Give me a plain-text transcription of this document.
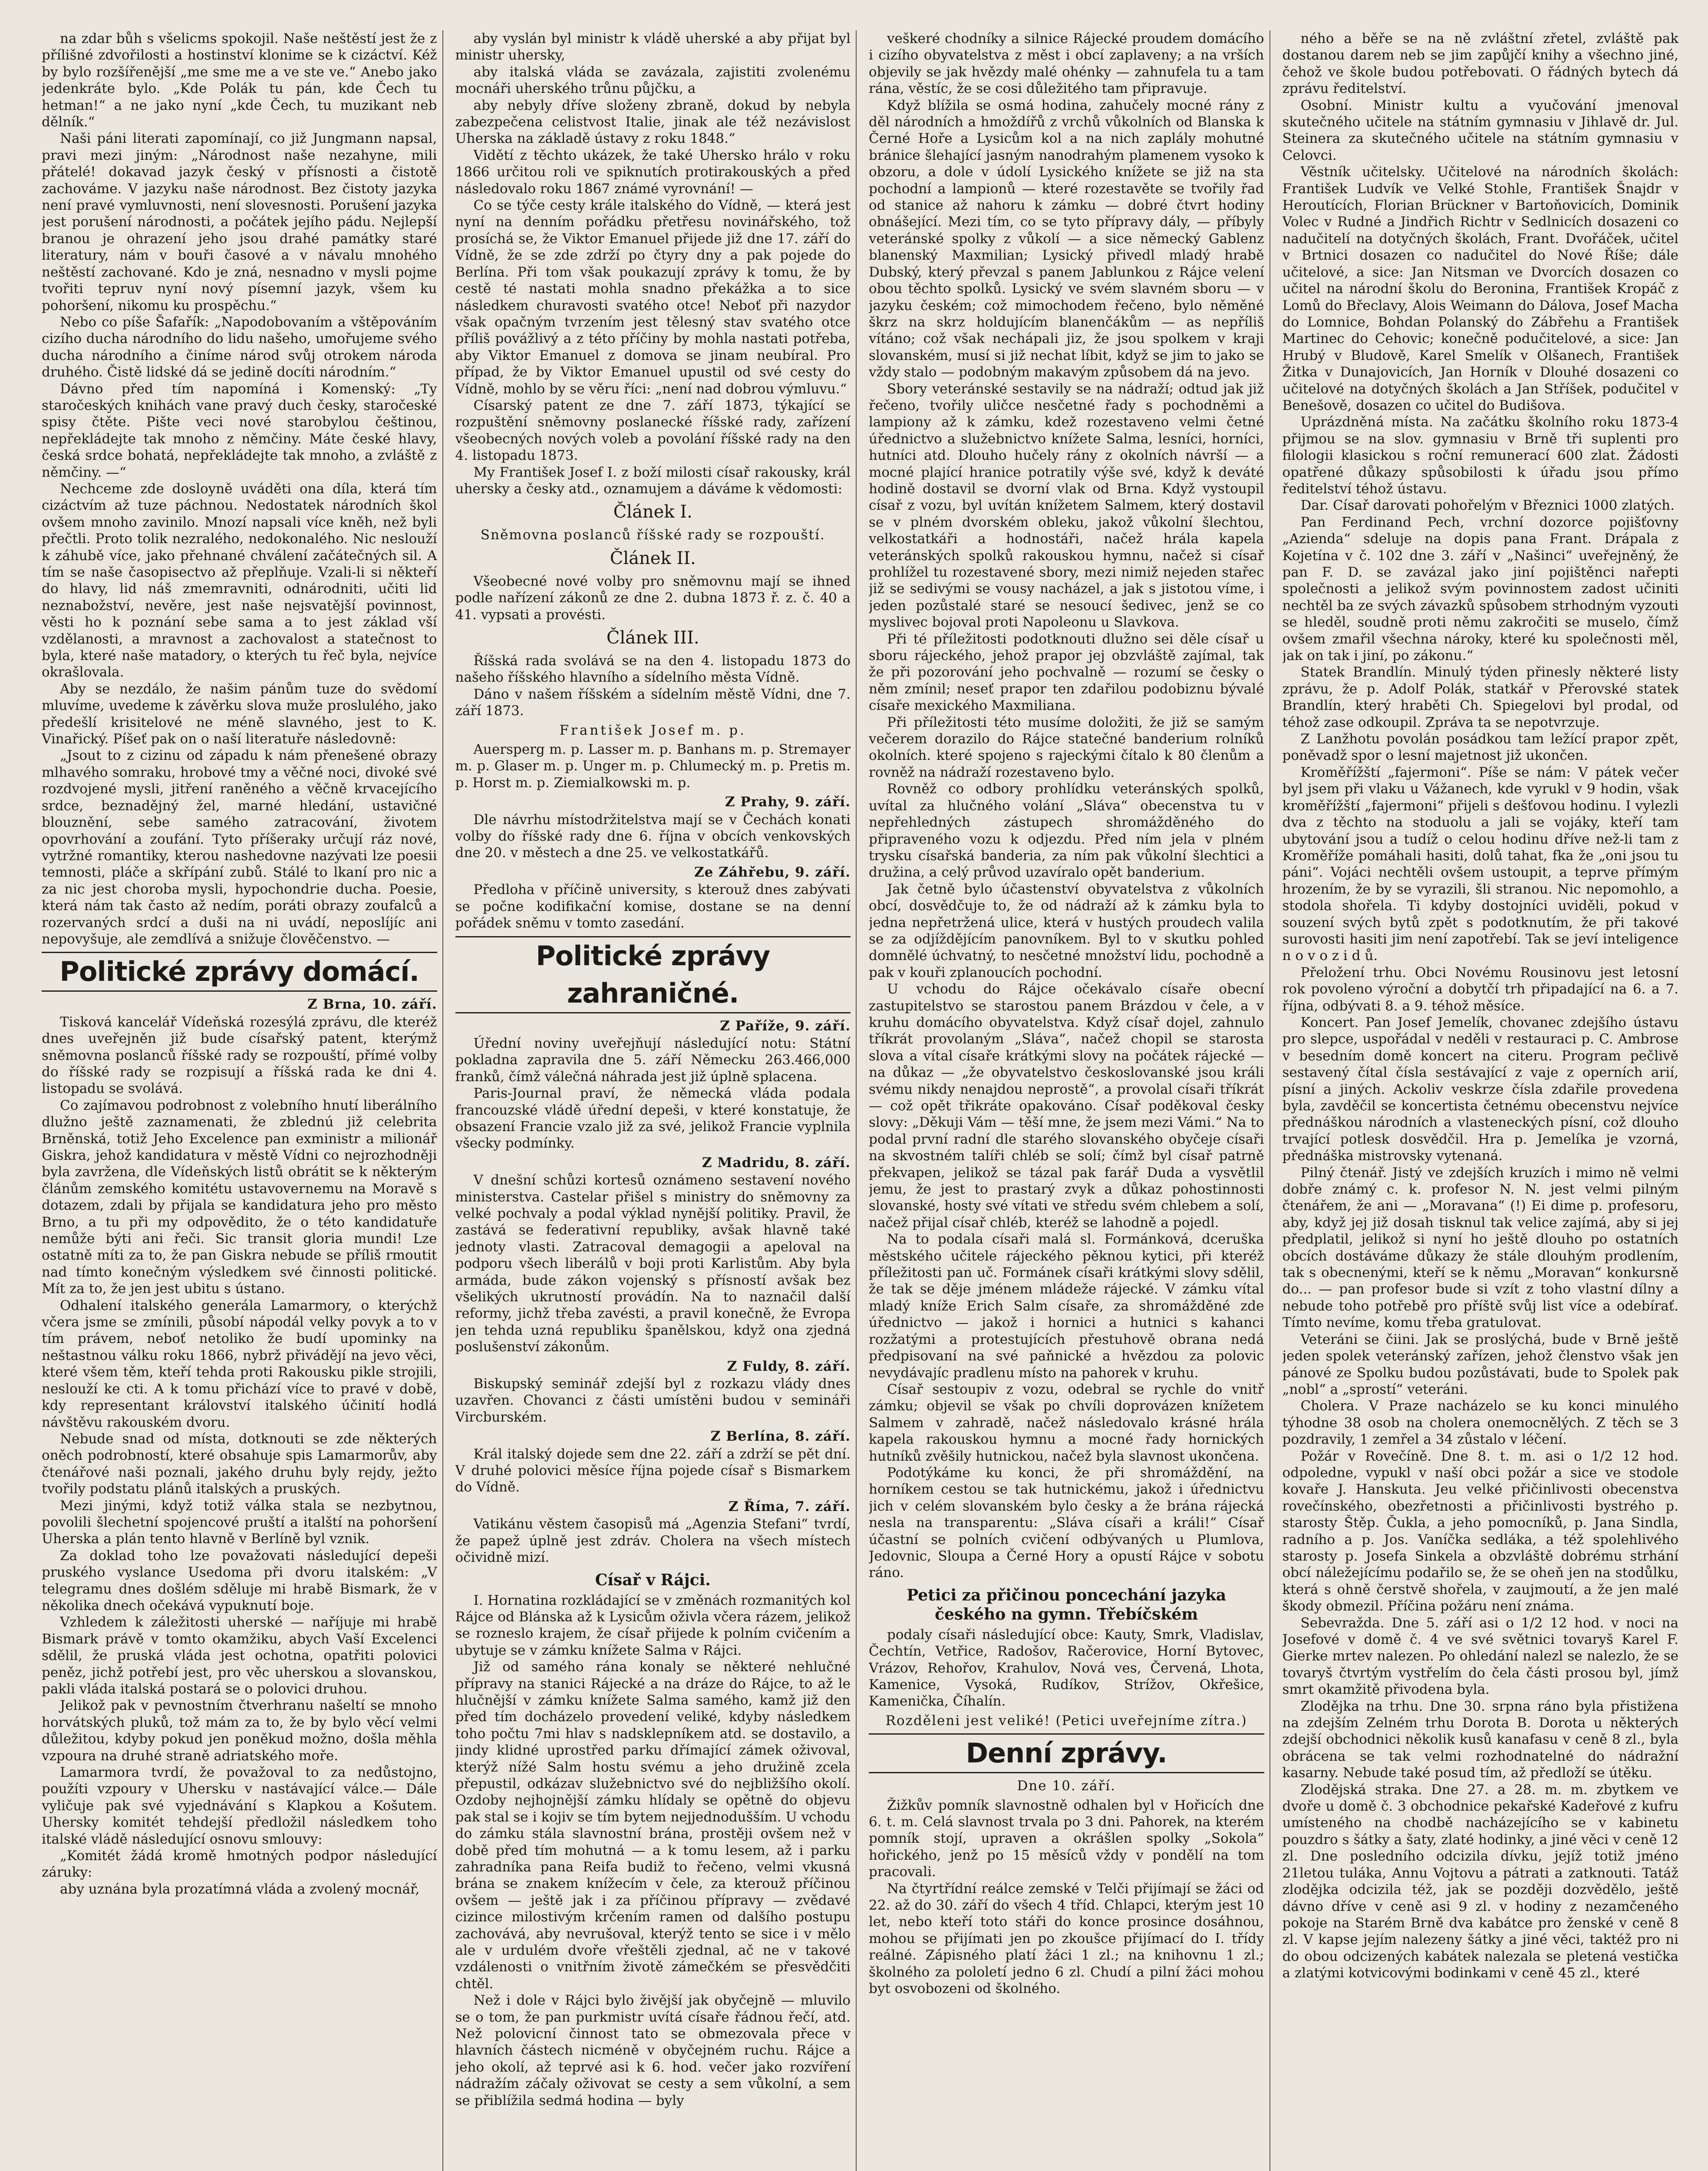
na zdar bůh s všelicms spokojil. Naše neštěstí jest že z přílišné zdvořilosti a hostinství klonime se k cizáctví. Kéž by bylo rozšířenější „me sme me a ve ste ve.“ Anebo jako jedenkráte bylo. „Kde Polák tu pán, kde Čech tu hetman!“ a ne jako nyní „kde Čech, tu muzikant neb dělník.“

Naši páni literati zapomínají, co již Jungmann napsal, pravi mezi jiným: „Národnost naše nezahyne, mili přátelé! dokavad jazyk český v přísnosti a čistotě zachováme. V jazyku naše národnost. Bez čistoty jazyka není pravé vymluvnosti, není slovesnosti. Porušení jazyka jest porušení národnosti, a počátek jejího pádu. Nejlepší branou je ohrazení jeho jsou drahé památky staré literatury, nám v bouři časové a v návalu mnohého neštěstí zachované. Kdo je zná, nesnadno v mysli pojme tvořiti tepruv nyní nový písemní jazyk, všem ku pohoršení, nikomu ku prospěchu.“

Nebo co píše Šafařík: „Napodobovaním a vštěpováním cizího ducha národního do lidu našeho, umořujeme svého ducha národního a činíme národ svůj otrokem národa druhého. Čistě lidské dá se jedině docíti národním.“

Dávno před tím napomíná i Komenský: „Ty staročeských knihách vane pravý duch česky, staročeské spisy čtěte. Pište veci nové starobylou češtinou, nepřekládejte tak mnoho z němčiny. Máte české hlavy, česká srdce bohatá, nepřekládejte tak mnoho, a zvláště z němčiny. —“

Nechceme zde dosloyně uváděti ona díla, která tím cizáctvím až tuze páchnou. Nedostatek národních škol ovšem mnoho zavinilo. Mnozí napsali více kněh, než byli přečtli. Proto tolik nezralého, nedokonalého. Nic neslouží k záhubě více, jako přehnané chválení začátečných sil. A tím se naše časopisectvo až přeplňuje. Vzali-li si někteří do hlavy, lid náš zmemravniti, odnárodniti, učiti lid neznabožství, nevěre, jest naše nejsvatější povinnost, věsti ho k poznání sebe sama a to jest základ vší vzdělanosti, a mravnost a zachovalost a statečnost to byla, které naše matadory, o kterých tu řeč byla, nejvíce okrašlovala.

Aby se nezdálo, že našim pánům tuze do svědomí mluvíme, uvedeme k závěrku slova muže proslulého, jako předešlí krisitelové ne méně slavného, jest to K. Vinařický. Píšeť pak on o naší literatuře následovně:

„Jsout to z cizinu od západu k nám přenešené obrazy mlhavého somraku, hrobové tmy a věčné noci, divoké své rozdvojené mysli, jitření raněného a věčně krvacejícího srdce, beznadějný žel, marné hledání, ustavičné blouznění, sebe samého zatracování, životem opovrhování a zoufání. Tyto příšeraky určují ráz nové, vytržné romantiky, kterou nashedovne nazývati lze poesii temnosti, pláče a skřípání zubů. Stálé to lkaní pro nic a za nic jest choroba mysli, hypochondrie ducha. Poesie, která nám tak často až nedím, poráti obrazy zoufalců a rozervaných srdcí a duši na ni uvádí, neposlíjíc ani nepovyšuje, ale zemdlívá a snižuje člověčenstvo. —

Politické zprávy domácí.
Z Brna, 10. září.

Tisková kancelář Vídeňská rozesýlá zprávu, dle kteréž dnes uveřejněn již bude císařský patent, kterýmž sněmovna poslanců říšské rady se rozpouští, přímé volby do říšské rady se rozpisují a říšská rada ke dni 4. listopadu se svolává.

Co zajímavou podrobnost z volebního hnutí liberálního dlužno ještě zaznamenati, že zblednú již celebrita Brněnská, totiž Jeho Excelence pan exministr a milionář Giskra, jehož kandidatura v městě Vídni co nejrozhodněji byla zavržena, dle Vídeňských listů obrátit se k některým článům zemského komitétu ustavovernemu na Moravě s dotazem, zdali by přijala se kandidatura jeho pro město Brno, a tu při my odpovědito, že o této kandidatuře nemůže býti ani řeči. Sic transit gloria mundi! Lze ostatně míti za to, že pan Giskra nebude se příliš rmoutit nad tímto konečným výsledkem své činnosti politické. Mít za to, že jen jest ubitu s ústano.

Odhalení italského generála Lamarmory, o kterýchž včera jsme se zmínili, působí nápodál velky povyk a to v tím právem, neboť netoliko že budí upominky na neštastnou válku roku 1866, nybrž přivádějí na jevo věci, které všem těm, kteří tehda proti Rakousku pikle strojili, neslouží ke cti. A k tomu přichází více to pravé v době, kdy representant království italského účinití hodlá návštěvu rakouském dvoru.

Nebude snad od místa, dotknouti se zde některých oněch podrobností, které obsahuje spis Lamarmorův, aby čtenářové naši poznali, jakého druhu byly rejdy, ježto tvořily podstatu plánů italských a pruských.

Mezi jinými, když totiž válka stala se nezbytnou, povolili šlechetní spojencové pruští a italští na pohoršení Uherska a plán tento hlavně v Berlíně byl vznik.

Za doklad toho lze považovati následující depeši pruského vyslance Usedoma při dvoru italském: „V telegramu dnes došlém sděluje mi hrabě Bismark, že v několika dnech očekává vypuknutí boje.

Vzhledem k záležitosti uherské — naříjuje mi hrabě Bismark právě v tomto okamžiku, abych Vaší Excelenci sdělil, že pruská vláda jest ochotna, opatřiti polovici peněz, jichž potřebí jest, pro věc uherskou a slovanskou, pakli vláda italská postará se o polovici druhou.

Jelikož pak v pevnostním čtverhranu našeltí se mnoho horvátských pluků, tož mám za to, že by bylo věcí velmi důležitou, kdyby pokud jen poněkud možno, došla měhla vzpoura na druhé straně adriatského moře.

Lamarmora tvrdí, že považoval to za nedůstojno, použíti vzpoury v Uhersku v nastávající válce.— Dále vyličuje pak své vyjednávání s Klapkou a Košutem. Uhersky komitét tehdejší předložil následkem toho italské vládě následující osnovu smlouvy:

„Komitét žádá kromě hmotných podpor následující záruky:

aby uznána byla prozatímná vláda a zvolený mocnář,

aby vyslán byl ministr k vládě uherské a aby přijat byl ministr uhersky,

aby italská vláda se zavázala, zajistiti zvolenému mocnáři uherského trůnu půjčku, a

aby nebyly dříve složeny zbraně, dokud by nebyla zabezpečena celistvost Italie, jinak ale též nezávislost Uherska na základě ústavy z roku 1848.“

Vidětí z těchto ukázek, že také Uhersko hrálo v roku 1866 určitou roli ve spiknutích protirakouských a před následovalo roku 1867 známé vyrovnání! —

Co se týče cesty krále italského do Vídně, — která jest nyní na denním pořádku přetřesu novinářského, tož prosíchá se, že Viktor Emanuel přijede již dne 17. září do Vídně, že se zde zdrží po čtyry dny a pak pojede do Berlína. Při tom však poukazují zprávy k tomu, že by cestě té nastati mohla snadno překážka a to sice následkem churavosti svatého otce! Neboť při nazydor však opačným tvrzením jest tělesný stav svatého otce příliš povážlivý a z této příčiny by mohla nastati potřeba, aby Viktor Emanuel z domova se jinam neubíral. Pro případ, že by Viktor Emanuel upustil od své cesty do Vídně, mohlo by se věru říci: „není nad dobrou výmluvu.“

Císarský patent ze dne 7. září 1873, týkající se rozpuštění sněmovny poslanecké říšské rady, zařízení všeobecných nových voleb a povolání říšské rady na den 4. listopadu 1873.

My František Josef I. z boží milosti císař rakousky, král uhersky a česky atd., oznamujem a dáváme k vědomosti:

Článek I.
Sněmovna poslanců říšské rady se rozpouští.
Článek II.

Všeobecné nové volby pro sněmovnu mají se ihned podle nařízení zákonů ze dne 2. dubna 1873 ř. z. č. 40 a 41. vypsati a provésti.

Článek III.

Říšská rada svolává se na den 4. listopadu 1873 do našeho říšského hlavního a sídelního města Vídně.

Dáno v našem říšském a sídelním městě Vídni, dne 7. září 1873.

František Josef m. p.

Auersperg m. p. Lasser m. p. Banhans m. p. Stremayer m. p. Glaser m. p. Unger m. p. Chlumecký m. p. Pretis m. p. Horst m. p. Ziemialkowski m. p.

Z Prahy, 9. září.

Dle návrhu místodržitelstva mají se v Čechách konati volby do říšské rady dne 6. října v obcích venkovských dne 20. v městech a dne 25. ve velkostatkářů.

Ze Záhřebu, 9. září.

Předloha v příčině university, s kterouž dnes zabývati se počne kodifikační komise, dostane se na denní pořádek sněmu v tomto zasedání.

Politické zprávy zahraničné.
Z Paříže, 9. září.

Úřední noviny uveřejňují následující notu: Státní pokladna zapravila dne 5. září Německu 263.466,000 franků, čímž válečná náhrada jest již úplně splacena.

Paris-Journal praví, že německá vláda podala francouzské vládě úřední depeši, v které konstatuje, že obsazení Francie vzalo již za své, jelikož Francie vyplnila všecky podmínky.

Z Madridu, 8. září.

V dnešní schůzi kortesů oznámeno sestavení nového ministerstva. Castelar přišel s ministry do sněmovny za velké pochvaly a podal výklad nynější politiky. Pravil, že zastává se federativní republiky, avšak hlavně také jednoty vlasti. Zatracoval demagogii a apeloval na podporu všech liberálů v boji proti Karlistům. Aby byla armáda, bude zákon vojenský s přísností avšak bez všelikých ukrutností provádín. Na to naznačil další reformy, jichž třeba zavésti, a pravil konečně, že Evropa jen tehda uzná republiku španělskou, když ona zjedná poslušenství zákonům.

Z Fuldy, 8. září.

Biskupský seminář zdejší byl z rozkazu vlády dnes uzavřen. Chovanci z části umístěni budou v semináři Vircburském.

Z Berlína, 8. září.

Král italský dojede sem dne 22. září a zdrží se pět dní. V druhé polovici měsíce října pojede císař s Bismarkem do Vídně.

Z Říma, 7. září.

Vatikánu věstem časopisů má „Agenzia Stefani“ tvrdí, že papež úplně jest zdráv. Cholera na všech místech očividně mizí.

Císař v Rájci.

I. Hornatina rozkládající se v změnách rozmanitých kol Rájce od Blánska až k Lysicům oživla včera rázem, jelikož se rozneslo krajem, že císař přijede k polním cvičením a ubytuje se v zámku knížete Salma v Rájci.

Již od samého rána konaly se některé nehlučné přípravy na stanici Rájecké a na dráze do Rájce, to až le hlučnější v zámku knížete Salma samého, kamž již den před tím docházelo provedení veliké, kdyby následkem toho počtu 7mi hlav s nadsklepníkem atd. se dostavilo, a jindy klidné uprostřed parku dřímající zámek oživoval, kterýž nížé Salm hostu svému a jeho družině zcela přepustil, odkázav služebnictvo své do nejbližšího okolí. Ozdoby nejhojnější zámku hlídaly se opětně do objevu pak stal se i kojiv se tím bytem nejjednodušším. U vchodu do zámku stála slavnostní brána, prostěji ovšem než v době před tím mohutná — a k tomu lesem, až i parku zahradníka pana Reifa budiž to řečeno, velmi vkusná brána se znakem knížecím v čele, za kterouž příčinou ovšem — ještě jak i za příčinou přípravy — zvědavé cizince milostivým krčením ramen od dalšího postupu zachovává, aby nevrušoval, kterýž tento se sice i v mělo ale v urdulém dvoře vřeštěli zjednal, ač ne v takové vzdálenosti o vnitřním životě zámečkém se přesvědčiti chtěl.

Než i dole v Rájci bylo živější jak obyčejně — mluvilo se o tom, že pan purkmistr uvítá císaře řádnou řečí, atd. Než polovicní činnost tato se obmezovala přece v hlavních částech nicméně v obyčejném ruchu. Rájce a jeho okolí, až teprvé asi k 6. hod. večer jako rozvíření nádražím záčaly oživovat se cesty a sem vůkolní, a sem se přiblížila sedmá hodina — byly

veškeré chodníky a silnice Rájecké proudem domácího i cizího obyvatelstva z měst i obcí zaplaveny; a na vrších objevily se jak hvězdy malé ohénky — zahnufela tu a tam rána, věstíc, že se cosi důležitého tam připravuje.

Když blížila se osmá hodina, zahučely mocné rány z děl národních a hmoždířů z vrchů vůkolních od Blanska k Černé Hoře a Lysicům kol a na nich zaplály mohutné bránice šlehající jasným nanodrahým plamenem vysoko k obzoru, a dole v údolí Lysického knížete se již na sta pochodní a lampionů — které rozestavěte se tvořily řad od stanice až nahoru k zámku — dobré čtvrt hodiny obnášející. Mezi tím, co se tyto přípravy dály, — příbyly veteránské spolky z vůkolí — a sice německý Gablenz blanenský Maxmilian; Lysický přivedl mladý hrabě Dubský, který převzal s panem Jablunkou z Rájce velení obou těchto spolků. Lysický ve svém slavném sboru — v jazyku českém; což mimochodem řečeno, bylo něměné škrz na skrz holdujícím blanenčákům — as nepříliš vítáno; což však nechápali jiz, že jsou spolkem v kraji slovanském, musí si již nechat líbit, když se jim to jako se vždy stalo — podobným makavým způsobem dá na jevo.

Sbory veteránské sestavily se na nádraží; odtud jak již řečeno, tvořily uličce nesčetné řady s pochodněmi a lampiony až k zámku, kdež rozestaveno velmi četné úřednictvo a služebnictvo knížete Salma, lesníci, horníci, hutníci atd. Dlouho hučely rány z okolních návrší — a mocné plající hranice potratily výše své, když k deváté hodině dostavil se dvorní vlak od Brna. Když vystoupil císař z vozu, byl uvítán knížetem Salmem, který dostavil se v plném dvorském obleku, jakož vůkolní šlechtou, velkostatkáři a hodnostáři, načež hrála kapela veteránských spolků rakouskou hymnu, načež si císař prohlížel tu rozestavené sbory, mezi nimiž nejeden stařec již se sedivými se vousy nacházel, a jak s jistotou víme, i jeden pozůstalé staré se nesoucí šedivec, jenž se co myslivec bojoval proti Napoleonu u Slavkova.

Při té příležitosti podotknouti dlužno sei děle císař u sboru rájeckého, jehož prapor jej obzvláště zajímal, tak že při pozorování jeho pochvalně — rozumí se česky o něm zmínil; neseť prapor ten zdařilou podobiznu bývalé císaře mexického Maxmiliana.

Při příležitosti této musíme doložiti, že již se samým večerem dorazilo do Rájce statečné banderium rolníků okolních. které spojeno s rajeckými čítalo k 80 členům a rovněž na nádraží rozestaveno bylo.

Rovněž co odbory prohlídku veteránských spolků, uvítal za hlučného volání „Sláva“ obecenstva tu v nepřehledných zástupech shromážděného do připraveného vozu k odjezdu. Před ním jela v plném trysku císařská banderia, za ním pak vůkolní šlechtici a družina, a celý průvod uzavíralo opět banderium.

Jak četně bylo účastenství obyvatelstva z vůkolních obcí, dosvědčuje to, že od nádraží až k zámku byla to jedna nepřetržená ulice, která v hustých proudech valila se za odjíždějícím panovníkem. Byl to v skutku pohled domnělé úchvatný, to nesčetné množství lidu, pochodně a pak v kouři zplanoucích pochodní.

U vchodu do Rájce očekávalo císaře obecní zastupitelstvo se starostou panem Brázdou v čele, a v kruhu domácího obyvatelstva. Když císař dojel, zahnulo tříkrát provolaným „Sláva“, načež chopil se starosta slova a vítal císaře krátkými slovy na počátek rájecké — na důkaz — „že obyvatelstvo českoslovanské jsou králi svému nikdy nenajdou neprostě“, a provolal císaři tříkrát — což opět třikráte opakováno. Císař poděkoval česky slovy: „Děkuji Vám — těší mne, že jsem mezi Vámi.“ Na to podal první radní dle starého slovanského obyčeje císaři na skvostném talíři chléb se solí; čímž byl císař patrně překvapen, jelikož se tázal pak farář Duda a vysvětlil jemu, že jest to prastarý zvyk a důkaz pohostinnosti slovanské, hosty své vítati ve středu svém chlebem a solí, načež přijal císař chléb, kteréž se lahodně a pojedl.

Na to podala císaři malá sl. Formánková, dceruška městského učitele rájeckého pěknou kytici, při kteréž příležitosti pan uč. Formánek císaři krátkými slovy sdělil, že tak se děje jménem mládeže rájecké. V zámku vítal mladý kníže Erich Salm císaře, za shromážděné zde úřednictvo — jakož i hornici a hutnici s kahanci rozžatými a protestujících přestuhově obrana nedá předpisovaní na své paňnické a hvězdou za polovic nevydávajíc pradlenu místo na pahorek v kruhu.

Císař sestoupiv z vozu, odebral se rychle do vnitř zámku; objevil se však po chvíli doprovázen knížetem Salmem v zahradě, načež následovalo krásné hrála kapela rakouskou hymnu a mocné řady hornických hutníků zvěšily hutnickou, načež byla slavnost ukončena.

Podotýkáme ku konci, že při shromáždění, na horníkem cestou se tak hutnickému, jakož i úřednictvu jich v celém slovanském bylo česky a že brána rájecká nesla na transparentu: „Sláva císaři a králi!“ Císař účastní se polních cvičení odbývaných u Plumlova, Jedovnic, Sloupa a Černé Hory a opustí Rájce v sobotu ráno.

Petici za přičinou poncechání jazyka českého na gymn. Třebíčském

podaly císaři následující obce: Kauty, Smrk, Vladislav, Čechtín, Vetřice, Radošov, Račerovice, Horní Bytovec, Vrázov, Rehořov, Krahulov, Nová ves, Červená, Lhota, Kamenice, Vysoká, Rudíkov, Strížov, Okřešice, Kamenička, Číhalín.

Rozděleni jest veliké! (Petici uveřejníme zítra.)
Denní zprávy.
Dne 10. září.

Žižkův pomník slavnostně odhalen byl v Hořicích dne 6. t. m. Celá slavnost trvala po 3 dni. Pahorek, na kterém pomník stojí, upraven a okrášlen spolky „Sokola“ hořického, jenž po 15 měsíců vždy v pondělí na tom pracovali.

Na čtyrtřídní reálce zemské v Telči přijímají se žáci od 22. až do 30. září do všech 4 tříd. Chlapci, kterým jest 10 let, nebo kteří toto stáři do konce prosince dosáhnou, mohou se přijímati jen po zkoušce přijímací do I. třídy reálné. Zápisného platí žáci 1 zl.; na knihovnu 1 zl.; školného za pololetí jedno 6 zl. Chudí a pilní žáci mohou byt osvobozeni od školného.

ného a běře se na ně zvláštní zřetel, zvláště pak dostanou darem neb se jim zapůjčí knihy a všechno jiné, čehož ve škole budou potřebovati. O řádných bytech dá zprávu ředitelství.

Osobní. Ministr kultu a vyučování jmenoval skutečného učitele na státním gymnasiu v Jihlavě dr. Jul. Steinera za skutečného učitele na státním gymnasiu v Celovci.

Věstník učitelsky. Učitelové na národních školách: František Ludvík ve Velké Stohle, František Šnajdr v Heroutících, Florian Brückner v Bartoňovicích, Dominik Volec v Rudné a Jindřich Richtr v Sedlnicích dosazeni co nadučitelí na dotyčných školách, Frant. Dvořáček, učitel v Brtnici dosazen co nadučitel do Nové Říše; dále učitelové, a sice: Jan Nitsman ve Dvorcích dosazen co učitel na národní školu do Beronina, František Kropáč z Lomů do Břeclavy, Alois Weimann do Dálova, Josef Macha do Lomnice, Bohdan Polanský do Zábřehu a František Martinec do Cehovic; konečně podučitelové, a sice: Jan Hrubý v Bludově, Karel Smelík v Olšanech, František Žitka v Dunajovicích, Jan Horník v Dlouhé dosazeni co učitelové na dotyčných školách a Jan Stříšek, podučitel v Benešově, dosazen co učitel do Budišova.

Uprázdněná místa. Na začátku školního roku 1873-4 přijmou se na slov. gymnasiu v Brně tři suplenti pro filologii klasickou s roční remunerací 600 zlat. Žádosti opatřené důkazy spůsobilosti k úřadu jsou přímo ředitelství téhož ústavu.

Dar. Císař darovati pohořelým v Březnici 1000 zlatých.

Pan Ferdinand Pech, vrchní dozorce pojišťovny „Azienda“ sdeluje na dopis pana Frant. Drápala z Kojetína v č. 102 dne 3. září v „Našinci“ uveřejněný, že pan F. D. se zavázal jako jiní pojištěnci nařepti společnosti a jelikož svým povinnostem zadost učiniti nechtěl ba ze svých závazků spůsobem strhodným vyzouti se hleděl, soudně proti němu zakročiti se muselo, čímž ovšem zmařil všechna nároky, které ku společnosti měl, jak on tak i jiní, po zákonu.“

Statek Brandlín. Minulý týden přinesly některé listy zprávu, že p. Adolf Polák, statkář v Přerovské statek Brandlín, který hraběti Ch. Spiegelovi byl prodal, od téhož zase odkoupil. Zpráva ta se nepotvrzuje.

Z Lanžhotu povolán posádkou tam ležící prapor zpět, poněvadž spor o lesní majetnost již ukončen.

Kroměřížští „fajermoni“. Píše se nám: V pátek večer byl jsem při vlaku u Vážanech, kde vyrukl v 9 hodin, však kroměřížští „fajermoni“ přijeli s dešťovou hodinu. I vylezli dva z těchto na stoduolu a jali se vojáky, kteří tam ubytování jsou a tudíž o celou hodinu dříve než-li tam z Kroměříže pomáhali hasiti, dolů tahat, fka že „oni jsou tu páni“. Vojáci nechtěli ovšem ustoupit, a teprve přímým hrozením, že by se vyrazili, šli stranou. Nic nepomohlo, a stodola shořela. Ti kdyby dostojníci uviděli, pokud v souzení svých bytů zpět s podotknutím, že při takové surovosti hasiti jim není zapotřebí. Tak se jeví inteligence n o v o z i d ů.

Přeložení trhu. Obci Novému Rousinovu jest letosní rok povoleno výroční a dobytčí trh připadající na 6. a 7. října, odbývati 8. a 9. téhož měsíce.

Koncert. Pan Josef Jemelík, chovanec zdejšího ústavu pro slepce, uspořádal v neděli v restauraci p. C. Ambrose v besedním domě koncert na citeru. Program pečlivě sestavený čítal čísla sestávající z vaje z operních arií, písní a jiných. Ackoliv veskrze čísla zdařile provedena byla, zavděčil se koncertista četnému obecenstvu nejvíce přednáškou národních a vlasteneckých písní, což dlouho trvající potlesk dosvědčil. Hra p. Jemelíka je vzorná, přednáška mistrovsky vytenaná.

Pilný čtenář. Jistý ve zdejších kruzích i mimo ně velmi dobře známý c. k. profesor N. N. jest velmi pilným čtenářem, že ani — „Moravana“ (!) Ei dime p. profesoru, aby, když jej již dosah tisknul tak velice zajímá, aby si jej předplatil, jelikož si nyní ho ještě dlouho po ostatních obcích dostáváme důkazy že stále dlouhým prodlením, tak s obecnenými, kteří se k němu „Moravan“ konkursně do... — pan profesor bude si vzít z toho vlastní dílny a nebude toho potřebě pro příště svůj list více a odebírať. Tímto nevíme, komu třeba gratulovat.

Veteráni se čiini. Jak se proslýchá, bude v Brně ještě jeden spolek veteránský zařízen, jehož členstvo však jen pánové ze Spolku budou pozůstávati, bude to Spolek pak „nobl“ a „sprostí“ veteráni.

Cholera. V Praze nacházelo se ku konci minulého týhodne 38 osob na cholera onemocnělých. Z těch se 3 pozdravily, 1 zemřel a 34 zůstalo v léčení.

Požár v Rovečíně. Dne 8. t. m. asi o 1/2 12 hod. odpoledne, vypukl v naší obci požár a sice ve stodole kovaře J. Hanskuta. Jeu velké přičinlivosti obecenstva rovečínského, obezřetnosti a přičinlivosti bystrého p. starosty Štěp. Čukla, a jeho pomocníků, p. Jana Sindla, radního a p. Jos. Vaníčka sedláka, a též spolehlivého starosty p. Josefa Sinkela a obzvláště dobrému strhání obcí náležejícímu podařilo se, že se oheň jen na stodůlku, která s ohně čerstvě shořela, v zaujmoutí, a že jen malé škody obmezil. Příčina požáru není známa.

Sebevražda. Dne 5. září asi o 1/2 12 hod. v noci na Josefové v domě č. 4 ve své světnici tovaryš Karel F. Gierke mrtev nalezen. Po ohledání nalezl se nalezlo, že se tovaryš čtvrtým vystřelím do čela části prosou byl, jímž smrt okamžitě přivodena byla.

Zlodějka na trhu. Dne 30. srpna ráno byla přistižena na zdejším Zelném trhu Dorota B. Dorota u některých zdejší obchodnici několik kusů kanafasu v ceně 8 zl., byla obrácena se tak velmi rozhodnatelné do nádražní kasarny. Nebude také posud tím, až předloží se útěku.

Zlodějská straka. Dne 27. a 28. m. m. zbytkem ve dvoře u domě č. 3 obchodnice pekařské Kadeřové z kufru umísteného na chodbě nacházejícího se v kabinetu pouzdro s šátky a šaty, zlaté hodinky, a jiné věci v ceně 12 zl. Dne posledního odcizila dívku, jejíž totiž jméno 21letou tuláka, Annu Vojtovu a pátrati a zatknouti. Tatáž zlodějka odcizila též, jak se později dozvědělo, ještě dávno dříve v ceně asi 9 zl. v hodiny z nezamčeného pokoje na Starém Brně dva kabátce pro ženské v ceně 8 zl. V kapse jejím nalezeny šátky a jiné věci, taktéž pro ni do obou odcizených kabátek nalezala se pletená vestička a zlatými kotvicovými bodinkami v ceně 45 zl., které
